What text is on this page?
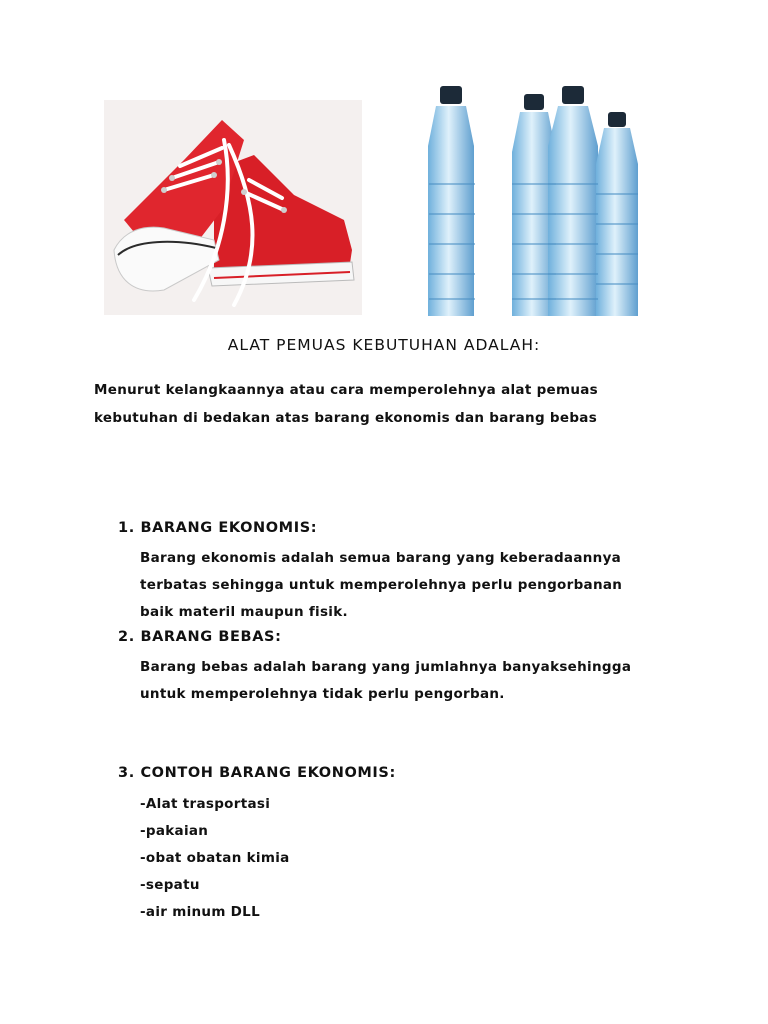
ALAT PEMUAS KEBUTUHAN ADALAH:
Menurut kelangkaannya atau cara memperolehnya alat pemuas
kebutuhan di bedakan atas barang ekonomis dan barang bebas
1. BARANG EKONOMIS:
Barang ekonomis adalah semua barang yang keberadaannya
terbatas sehingga untuk memperolehnya perlu pengorbanan
baik materil maupun fisik.
2. BARANG BEBAS:
Barang bebas adalah barang yang jumlahnya banyaksehingga
untuk memperolehnya tidak perlu pengorban.
3. CONTOH BARANG EKONOMIS:
-Alat trasportasi
-pakaian
-obat obatan kimia
-sepatu
-air minum DLL
